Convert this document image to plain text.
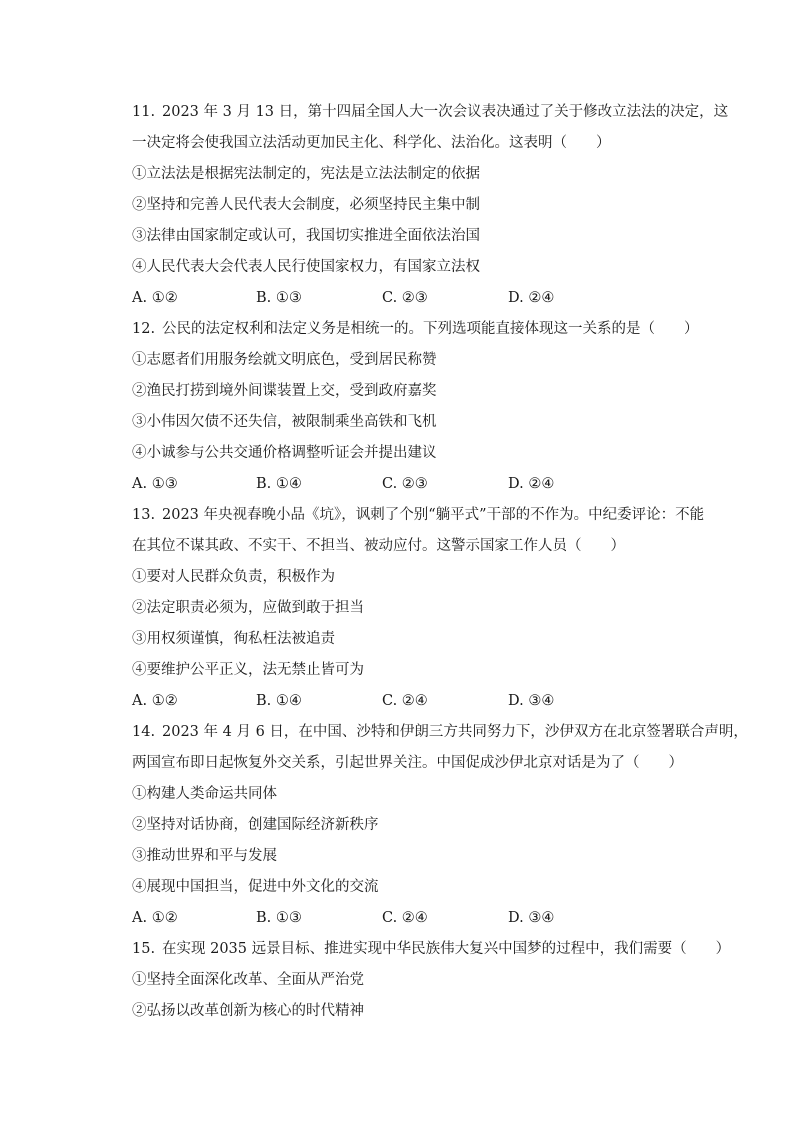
11. 2023 年 3 月 13 日，第十四届全国人大一次会议表决通过了关于修改立法法的决定，这
一决定将会使我国立法活动更加民主化、科学化、法治化。这表明（　　）
①立法法是根据宪法制定的，宪法是立法法制定的依据
②坚持和完善人民代表大会制度，必须坚持民主集中制
③法律由国家制定或认可，我国切实推进全面依法治国
④人民代表大会代表人民行使国家权力，有国家立法权
A. ①②	B. ①③	C. ②③	D. ②④
12. 公民的法定权利和法定义务是相统一的。下列选项能直接体现这一关系的是（　　）
①志愿者们用服务绘就文明底色，受到居民称赞
②渔民打捞到境外间谍装置上交，受到政府嘉奖
③小伟因欠债不还失信，被限制乘坐高铁和飞机
④小诚参与公共交通价格调整听证会并提出建议
A. ①③	B. ①④	C. ②③	D. ②④
13. 2023 年央视春晚小品《坑》，讽刺了个别“躺平式”干部的不作为。中纪委评论：不能
在其位不谋其政、不实干、不担当、被动应付。这警示国家工作人员（　　）
①要对人民群众负责，积极作为
②法定职责必须为，应做到敢于担当
③用权须谨慎，徇私枉法被追责
④要维护公平正义，法无禁止皆可为
A. ①②	B. ①④	C. ②④	D. ③④
14. 2023 年 4 月 6 日，在中国、沙特和伊朗三方共同努力下，沙伊双方在北京签署联合声明，
两国宣布即日起恢复外交关系，引起世界关注。中国促成沙伊北京对话是为了（　　）
①构建人类命运共同体
②坚持对话协商，创建国际经济新秩序
③推动世界和平与发展
④展现中国担当，促进中外文化的交流
A. ①②	B. ①③	C. ②④	D. ③④
15. 在实现 2035 远景目标、推进实现中华民族伟大复兴中国梦的过程中，我们需要（　　）
①坚持全面深化改革、全面从严治党
②弘扬以改革创新为核心的时代精神
